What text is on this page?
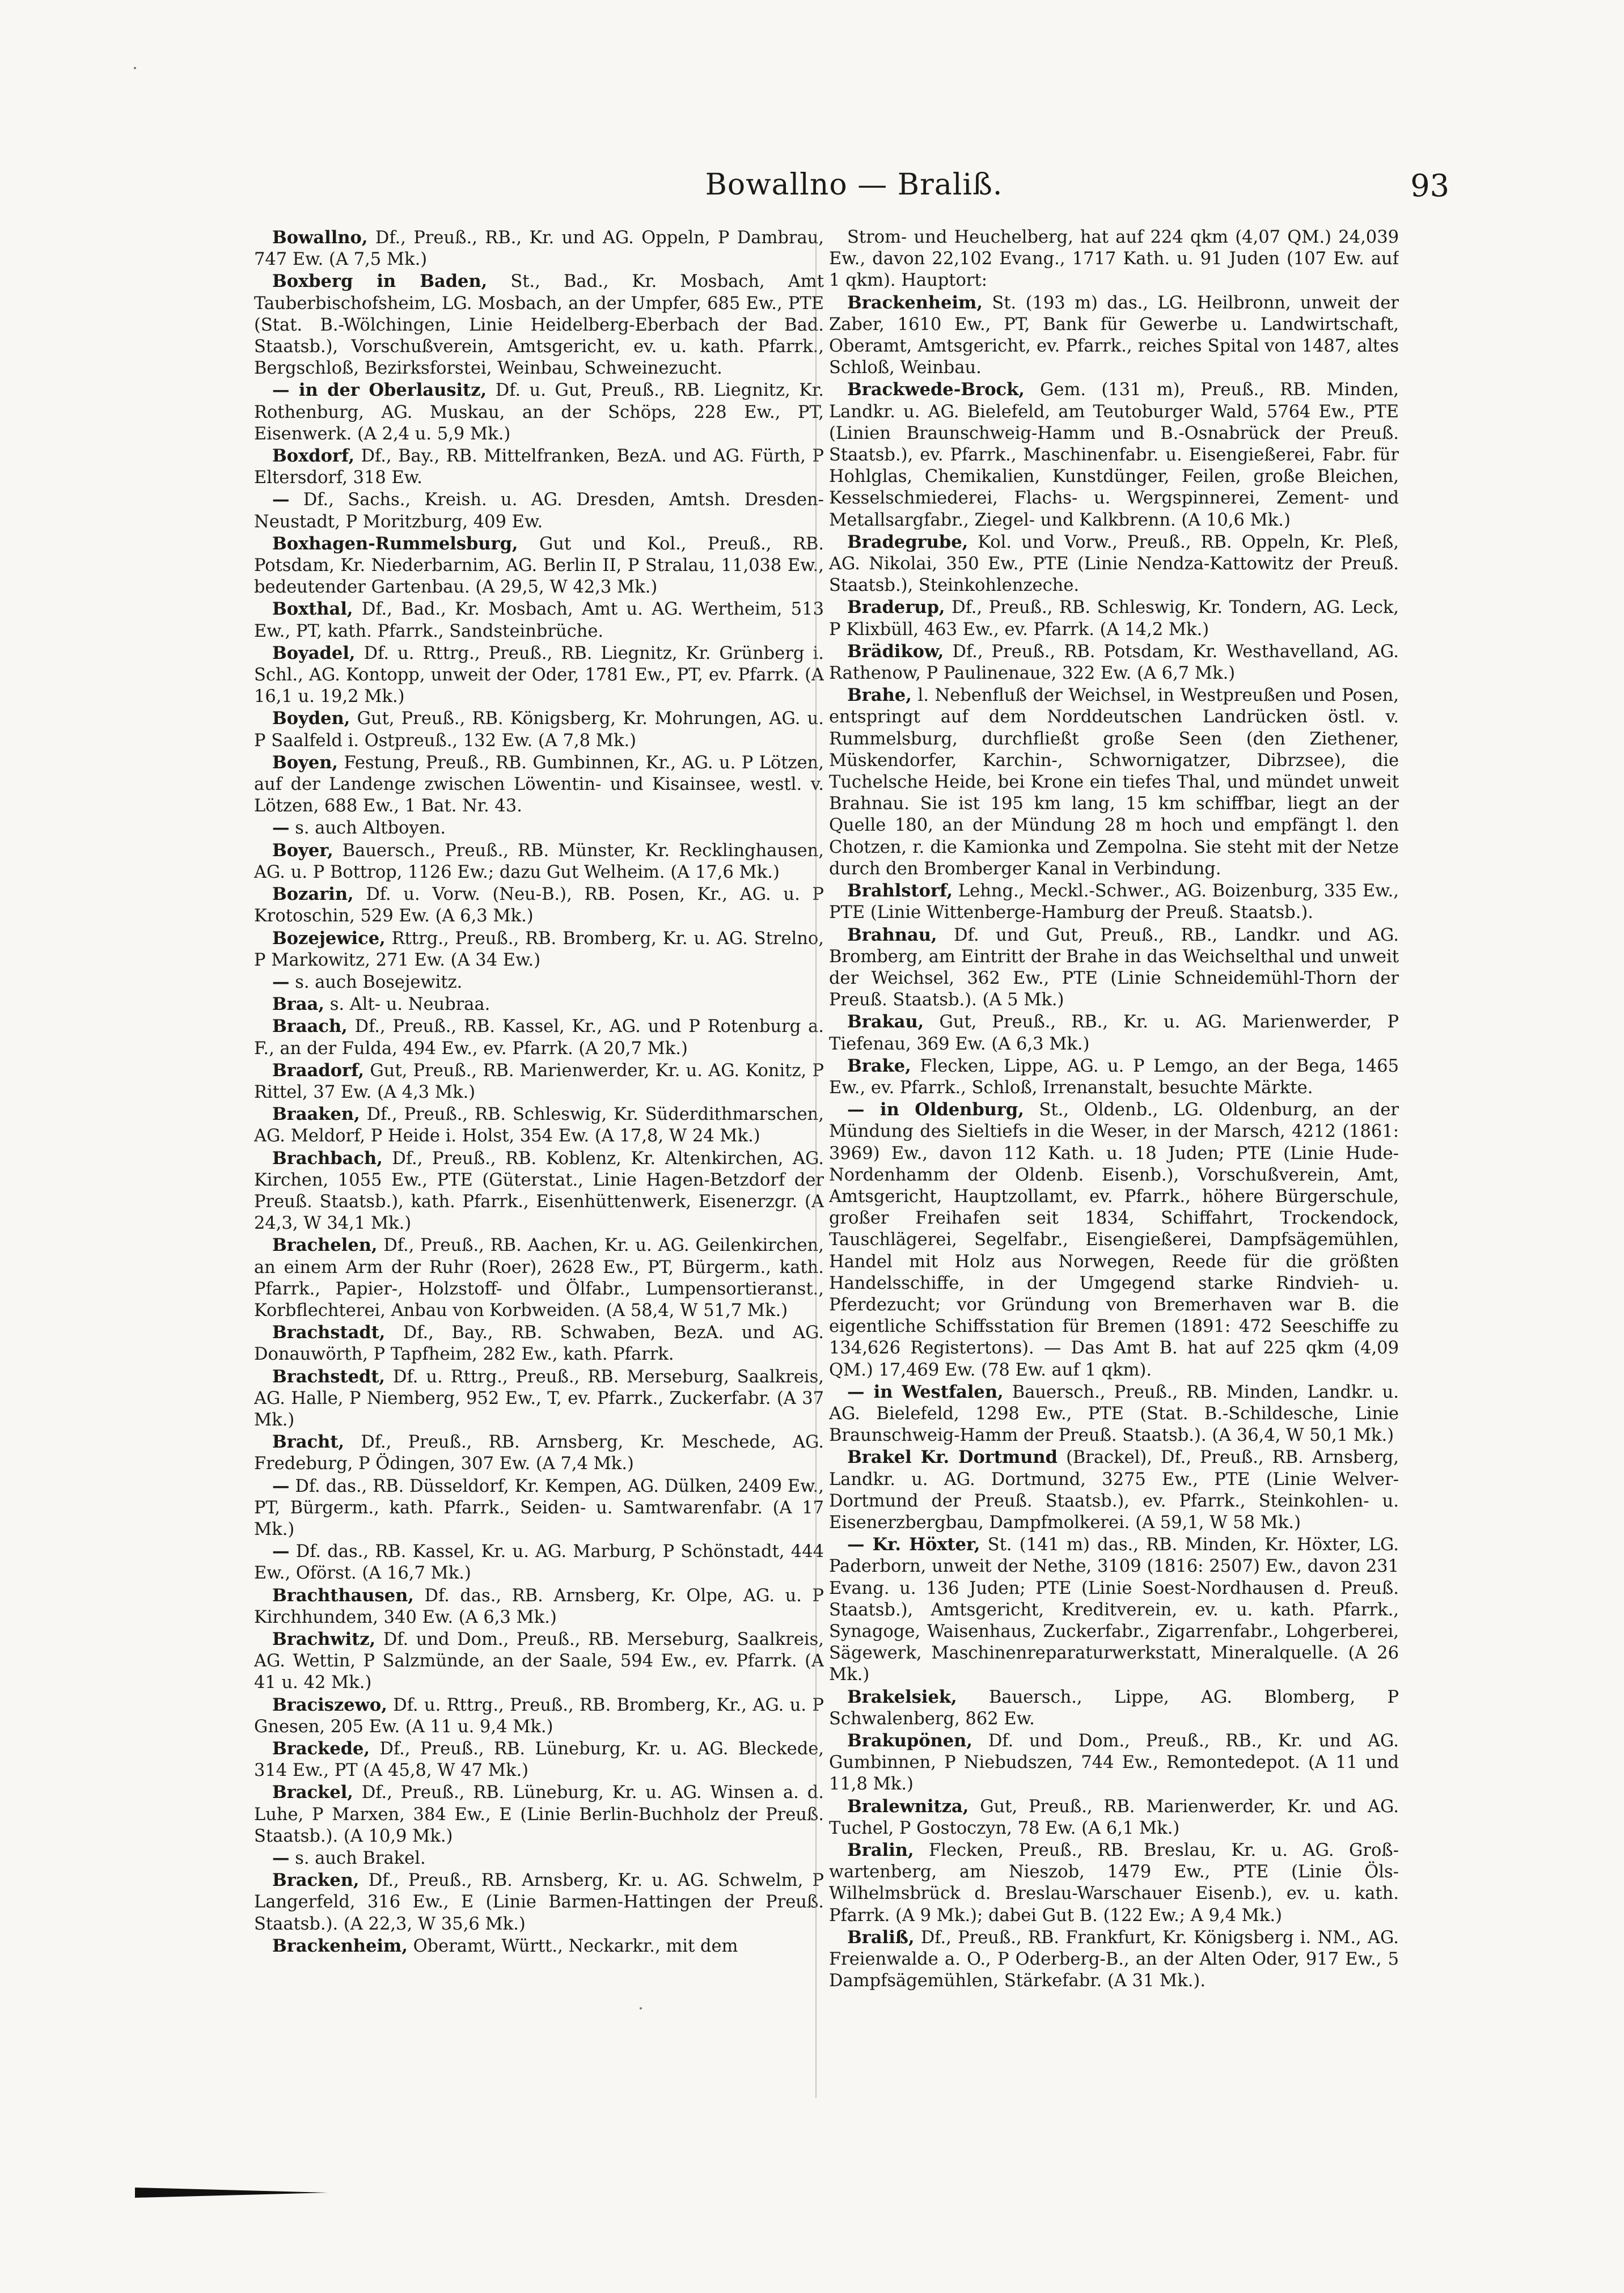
Bowallno — Braliß.	93

Bowallno, Df., Preuß., RB., Kr. und AG. Oppeln, P Dambrau, 747 Ew. (A 7,5 Mk.)

Boxberg in Baden, St., Bad., Kr. Mosbach, Amt Tauberbischofsheim, LG. Mosbach, an der Umpfer, 685 Ew., PTE (Stat. B.-Wölchingen, Linie Heidelberg-Eberbach der Bad. Staatsb.), Vorschußverein, Amtsgericht, ev. u. kath. Pfarrk., Bergschloß, Bezirksforstei, Weinbau, Schweinezucht.

— in der Oberlausitz, Df. u. Gut, Preuß., RB. Liegnitz, Kr. Rothenburg, AG. Muskau, an der Schöps, 228 Ew., PT, Eisenwerk. (A 2,4 u. 5,9 Mk.)

Boxdorf, Df., Bay., RB. Mittelfranken, BezA. und AG. Fürth, P Eltersdorf, 318 Ew.

— Df., Sachs., Kreish. u. AG. Dresden, Amtsh. Dresden-Neustadt, P Moritzburg, 409 Ew.

Boxhagen-Rummelsburg, Gut und Kol., Preuß., RB. Potsdam, Kr. Niederbarnim, AG. Berlin II, P Stralau, 11,038 Ew., bedeutender Gartenbau. (A 29,5, W 42,3 Mk.)

Boxthal, Df., Bad., Kr. Mosbach, Amt u. AG. Wertheim, 513 Ew., PT, kath. Pfarrk., Sandsteinbrüche.

Boyadel, Df. u. Rttrg., Preuß., RB. Liegnitz, Kr. Grünberg i. Schl., AG. Kontopp, unweit der Oder, 1781 Ew., PT, ev. Pfarrk. (A 16,1 u. 19,2 Mk.)

Boyden, Gut, Preuß., RB. Königsberg, Kr. Mohrungen, AG. u. P Saalfeld i. Ostpreuß., 132 Ew. (A 7,8 Mk.)

Boyen, Festung, Preuß., RB. Gumbinnen, Kr., AG. u. P Lötzen, auf der Landenge zwischen Löwentin- und Kisainsee, westl. v. Lötzen, 688 Ew., 1 Bat. Nr. 43.

— s. auch Altboyen.

Boyer, Bauersch., Preuß., RB. Münster, Kr. Recklinghausen, AG. u. P Bottrop, 1126 Ew.; dazu Gut Welheim. (A 17,6 Mk.)

Bozarin, Df. u. Vorw. (Neu-B.), RB. Posen, Kr., AG. u. P Krotoschin, 529 Ew. (A 6,3 Mk.)

Bozejewice, Rttrg., Preuß., RB. Bromberg, Kr. u. AG. Strelno, P Markowitz, 271 Ew. (A 34 Ew.)

— s. auch Bosejewitz.

Braa, s. Alt- u. Neubraa.

Braach, Df., Preuß., RB. Kassel, Kr., AG. und P Rotenburg a. F., an der Fulda, 494 Ew., ev. Pfarrk. (A 20,7 Mk.)

Braadorf, Gut, Preuß., RB. Marienwerder, Kr. u. AG. Konitz, P Rittel, 37 Ew. (A 4,3 Mk.)

Braaken, Df., Preuß., RB. Schleswig, Kr. Süderdithmarschen, AG. Meldorf, P Heide i. Holst, 354 Ew. (A 17,8, W 24 Mk.)

Brachbach, Df., Preuß., RB. Koblenz, Kr. Altenkirchen, AG. Kirchen, 1055 Ew., PTE (Güterstat., Linie Hagen-Betzdorf der Preuß. Staatsb.), kath. Pfarrk., Eisenhüttenwerk, Eisenerzgr. (A 24,3, W 34,1 Mk.)

Brachelen, Df., Preuß., RB. Aachen, Kr. u. AG. Geilenkirchen, an einem Arm der Ruhr (Roer), 2628 Ew., PT, Bürgerm., kath. Pfarrk., Papier-, Holzstoff- und Ölfabr., Lumpensortieranst., Korbflechterei, Anbau von Korbweiden. (A 58,4, W 51,7 Mk.)

Brachstadt, Df., Bay., RB. Schwaben, BezA. und AG. Donauwörth, P Tapfheim, 282 Ew., kath. Pfarrk.

Brachstedt, Df. u. Rttrg., Preuß., RB. Merseburg, Saalkreis, AG. Halle, P Niemberg, 952 Ew., T, ev. Pfarrk., Zuckerfabr. (A 37 Mk.)

Bracht, Df., Preuß., RB. Arnsberg, Kr. Meschede, AG. Fredeburg, P Ödingen, 307 Ew. (A 7,4 Mk.)

— Df. das., RB. Düsseldorf, Kr. Kempen, AG. Dülken, 2409 Ew., PT, Bürgerm., kath. Pfarrk., Seiden- u. Samtwarenfabr. (A 17 Mk.)

— Df. das., RB. Kassel, Kr. u. AG. Marburg, P Schönstadt, 444 Ew., Oförst. (A 16,7 Mk.)

Brachthausen, Df. das., RB. Arnsberg, Kr. Olpe, AG. u. P Kirchhundem, 340 Ew. (A 6,3 Mk.)

Brachwitz, Df. und Dom., Preuß., RB. Merseburg, Saalkreis, AG. Wettin, P Salzmünde, an der Saale, 594 Ew., ev. Pfarrk. (A 41 u. 42 Mk.)

Braciszewo, Df. u. Rttrg., Preuß., RB. Bromberg, Kr., AG. u. P Gnesen, 205 Ew. (A 11 u. 9,4 Mk.)

Brackede, Df., Preuß., RB. Lüneburg, Kr. u. AG. Bleckede, 314 Ew., PT (A 45,8, W 47 Mk.)

Brackel, Df., Preuß., RB. Lüneburg, Kr. u. AG. Winsen a. d. Luhe, P Marxen, 384 Ew., E (Linie Berlin-Buchholz der Preuß. Staatsb.). (A 10,9 Mk.)

— s. auch Brakel.

Bracken, Df., Preuß., RB. Arnsberg, Kr. u. AG. Schwelm, P Langerfeld, 316 Ew., E (Linie Barmen-Hattingen der Preuß. Staatsb.). (A 22,3, W 35,6 Mk.)

Brackenheim, Oberamt, Württ., Neckarkr., mit dem

Strom- und Heuchelberg, hat auf 224 qkm (4,07 QM.) 24,039 Ew., davon 22,102 Evang., 1717 Kath. u. 91 Juden (107 Ew. auf 1 qkm). Hauptort:

Brackenheim, St. (193 m) das., LG. Heilbronn, unweit der Zaber, 1610 Ew., PT, Bank für Gewerbe u. Landwirtschaft, Oberamt, Amtsgericht, ev. Pfarrk., reiches Spital von 1487, altes Schloß, Weinbau.

Brackwede-Brock, Gem. (131 m), Preuß., RB. Minden, Landkr. u. AG. Bielefeld, am Teutoburger Wald, 5764 Ew., PTE (Linien Braunschweig-Hamm und B.-Osnabrück der Preuß. Staatsb.), ev. Pfarrk., Maschinenfabr. u. Eisengießerei, Fabr. für Hohlglas, Chemikalien, Kunstdünger, Feilen, große Bleichen, Kesselschmiederei, Flachs- u. Wergspinnerei, Zement- und Metallsargfabr., Ziegel- und Kalkbrenn. (A 10,6 Mk.)

Bradegrube, Kol. und Vorw., Preuß., RB. Oppeln, Kr. Pleß, AG. Nikolai, 350 Ew., PTE (Linie Nendza-Kattowitz der Preuß. Staatsb.), Steinkohlenzeche.

Braderup, Df., Preuß., RB. Schleswig, Kr. Tondern, AG. Leck, P Klixbüll, 463 Ew., ev. Pfarrk. (A 14,2 Mk.)

Brädikow, Df., Preuß., RB. Potsdam, Kr. Westhavelland, AG. Rathenow, P Paulinenaue, 322 Ew. (A 6,7 Mk.)

Brahe, l. Nebenfluß der Weichsel, in Westpreußen und Posen, entspringt auf dem Norddeutschen Landrücken östl. v. Rummelsburg, durchfließt große Seen (den Ziethener, Müskendorfer, Karchin-, Schwornigatzer, Dibrzsee), die Tuchelsche Heide, bei Krone ein tiefes Thal, und mündet unweit Brahnau. Sie ist 195 km lang, 15 km schiffbar, liegt an der Quelle 180, an der Mündung 28 m hoch und empfängt l. den Chotzen, r. die Kamionka und Zempolna. Sie steht mit der Netze durch den Bromberger Kanal in Verbindung.

Brahlstorf, Lehng., Meckl.-Schwer., AG. Boizenburg, 335 Ew., PTE (Linie Wittenberge-Hamburg der Preuß. Staatsb.).

Brahnau, Df. und Gut, Preuß., RB., Landkr. und AG. Bromberg, am Eintritt der Brahe in das Weichselthal und unweit der Weichsel, 362 Ew., PTE (Linie Schneidemühl-Thorn der Preuß. Staatsb.). (A 5 Mk.)

Brakau, Gut, Preuß., RB., Kr. u. AG. Marienwerder, P Tiefenau, 369 Ew. (A 6,3 Mk.)

Brake, Flecken, Lippe, AG. u. P Lemgo, an der Bega, 1465 Ew., ev. Pfarrk., Schloß, Irrenanstalt, besuchte Märkte.

— in Oldenburg, St., Oldenb., LG. Oldenburg, an der Mündung des Sieltiefs in die Weser, in der Marsch, 4212 (1861: 3969) Ew., davon 112 Kath. u. 18 Juden; PTE (Linie Hude-Nordenhamm der Oldenb. Eisenb.), Vorschußverein, Amt, Amtsgericht, Hauptzollamt, ev. Pfarrk., höhere Bürgerschule, großer Freihafen seit 1834, Schiffahrt, Trockendock, Tauschlägerei, Segelfabr., Eisengießerei, Dampfsägemühlen, Handel mit Holz aus Norwegen, Reede für die größten Handelsschiffe, in der Umgegend starke Rindvieh- u. Pferdezucht; vor Gründung von Bremerhaven war B. die eigentliche Schiffsstation für Bremen (1891: 472 Seeschiffe zu 134,626 Registertons). — Das Amt B. hat auf 225 qkm (4,09 QM.) 17,469 Ew. (78 Ew. auf 1 qkm).

— in Westfalen, Bauersch., Preuß., RB. Minden, Landkr. u. AG. Bielefeld, 1298 Ew., PTE (Stat. B.-Schildesche, Linie Braunschweig-Hamm der Preuß. Staatsb.). (A 36,4, W 50,1 Mk.)

Brakel Kr. Dortmund (Brackel), Df., Preuß., RB. Arnsberg, Landkr. u. AG. Dortmund, 3275 Ew., PTE (Linie Welver-Dortmund der Preuß. Staatsb.), ev. Pfarrk., Steinkohlen- u. Eisenerzbergbau, Dampfmolkerei. (A 59,1, W 58 Mk.)

— Kr. Höxter, St. (141 m) das., RB. Minden, Kr. Höxter, LG. Paderborn, unweit der Nethe, 3109 (1816: 2507) Ew., davon 231 Evang. u. 136 Juden; PTE (Linie Soest-Nordhausen d. Preuß. Staatsb.), Amtsgericht, Kreditverein, ev. u. kath. Pfarrk., Synagoge, Waisenhaus, Zuckerfabr., Zigarrenfabr., Lohgerberei, Sägewerk, Maschinenreparaturwerkstatt, Mineralquelle. (A 26 Mk.)

Brakelsiek, Bauersch., Lippe, AG. Blomberg, P Schwalenberg, 862 Ew.

Brakupönen, Df. und Dom., Preuß., RB., Kr. und AG. Gumbinnen, P Niebudszen, 744 Ew., Remontedepot. (A 11 und 11,8 Mk.)

Bralewnitza, Gut, Preuß., RB. Marienwerder, Kr. und AG. Tuchel, P Gostoczyn, 78 Ew. (A 6,1 Mk.)

Bralin, Flecken, Preuß., RB. Breslau, Kr. u. AG. Groß-wartenberg, am Nieszob, 1479 Ew., PTE (Linie Öls-Wilhelmsbrück d. Breslau-Warschauer Eisenb.), ev. u. kath. Pfarrk. (A 9 Mk.); dabei Gut B. (122 Ew.; A 9,4 Mk.)

Braliß, Df., Preuß., RB. Frankfurt, Kr. Königsberg i. NM., AG. Freienwalde a. O., P Oderberg-B., an der Alten Oder, 917 Ew., 5 Dampfsägemühlen, Stärkefabr. (A 31 Mk.).
